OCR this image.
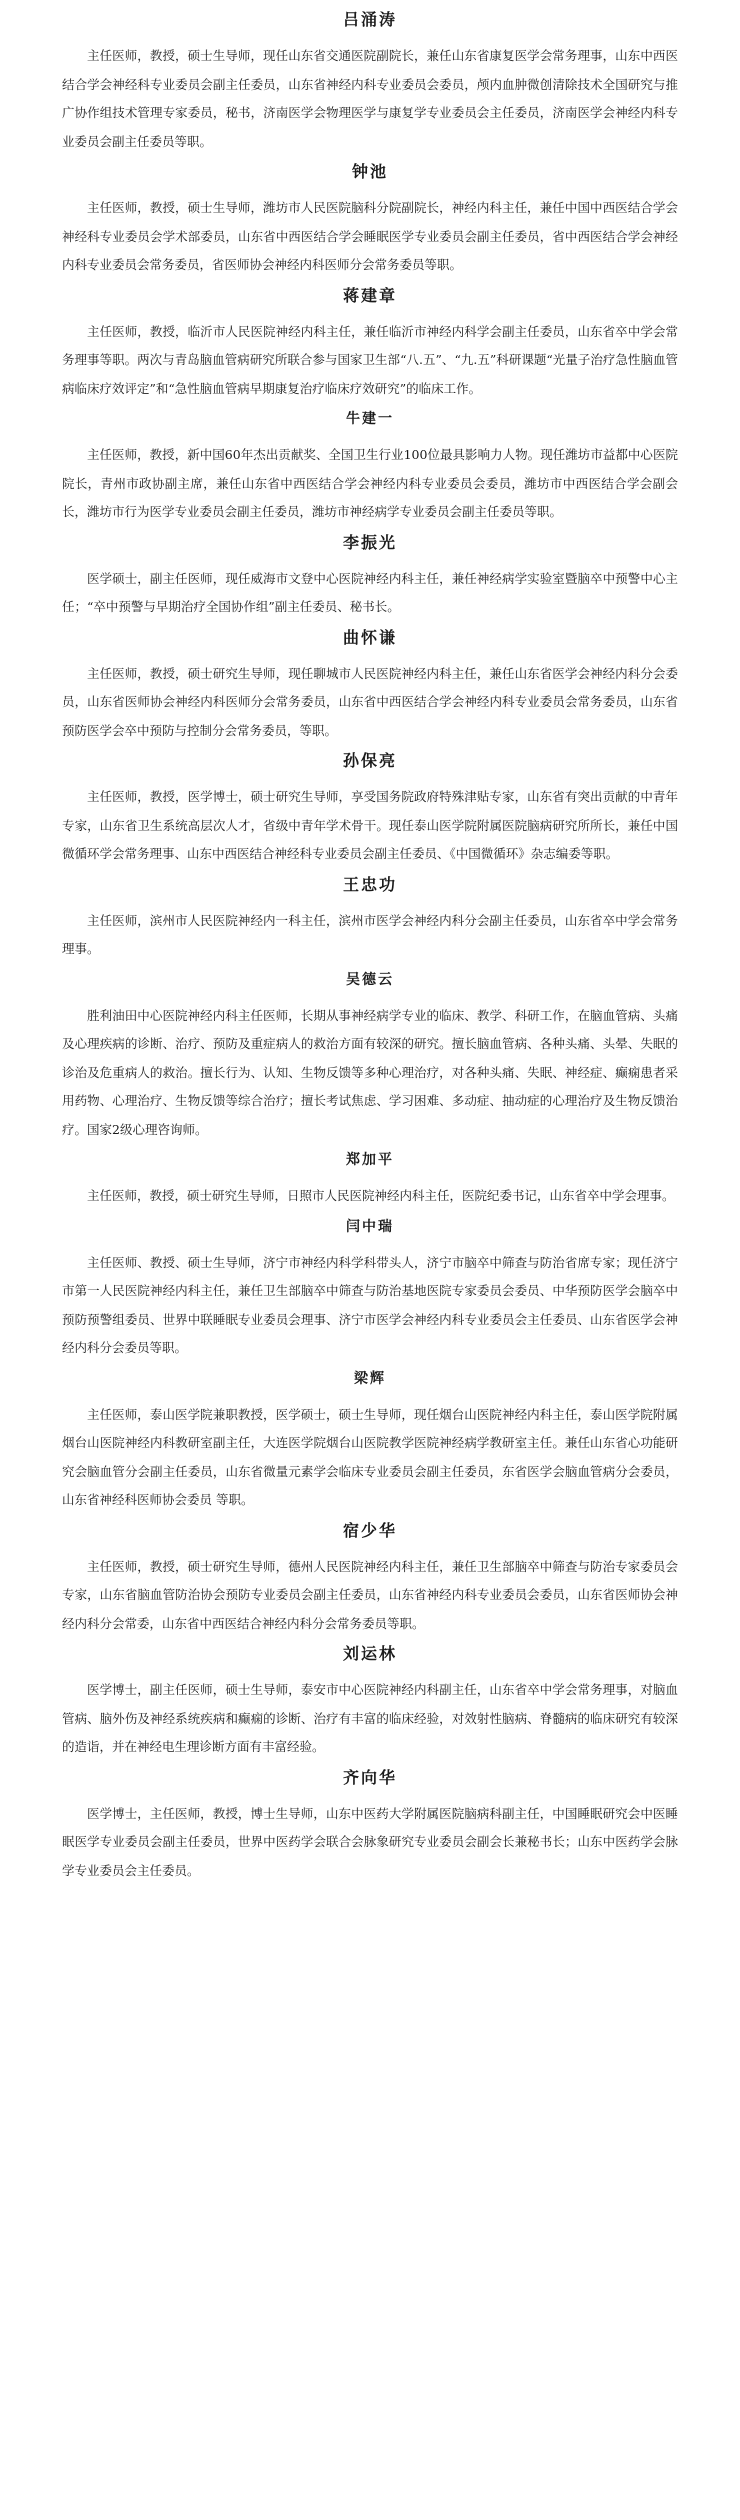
吕涌涛

主任医师，教授，硕士生导师，现任山东省交通医院副院长，兼任山东省康复医学会常务理事，山东中西医结合学会神经科专业委员会副主任委员，山东省神经内科专业委员会委员，颅内血肿微创清除技术全国研究与推广协作组技术管理专家委员，秘书，济南医学会物理医学与康复学专业委员会主任委员，济南医学会神经内科专业委员会副主任委员等职。

钟池

主任医师，教授，硕士生导师，潍坊市人民医院脑科分院副院长，神经内科主任，兼任中国中西医结合学会神经科专业委员会学术部委员，山东省中西医结合学会睡眠医学专业委员会副主任委员，省中西医结合学会神经内科专业委员会常务委员，省医师协会神经内科医师分会常务委员等职。

蒋建章

主任医师，教授，临沂市人民医院神经内科主任，兼任临沂市神经内科学会副主任委员，山东省卒中学会常务理事等职。两次与青岛脑血管病研究所联合参与国家卫生部“八.五”、“九.五”科研课题“光量子治疗急性脑血管病临床疗效评定”和“急性脑血管病早期康复治疗临床疗效研究”的临床工作。

牛建一

主任医师，教授，新中国60年杰出贡献奖、全国卫生行业100位最具影响力人物。现任潍坊市益都中心医院院长，青州市政协副主席，兼任山东省中西医结合学会神经内科专业委员会委员，潍坊市中西医结合学会副会长，潍坊市行为医学专业委员会副主任委员，潍坊市神经病学专业委员会副主任委员等职。

李振光

医学硕士，副主任医师，现任威海市文登中心医院神经内科主任，兼任神经病学实验室暨脑卒中预警中心主任；“卒中预警与早期治疗全国协作组”副主任委员、秘书长。

曲怀谦

主任医师，教授，硕士研究生导师，现任聊城市人民医院神经内科主任，兼任山东省医学会神经内科分会委员，山东省医师协会神经内科医师分会常务委员，山东省中西医结合学会神经内科专业委员会常务委员，山东省预防医学会卒中预防与控制分会常务委员，等职。

孙保亮

主任医师，教授，医学博士，硕士研究生导师，享受国务院政府特殊津贴专家，山东省有突出贡献的中青年专家，山东省卫生系统高层次人才，省级中青年学术骨干。现任泰山医学院附属医院脑病研究所所长，兼任中国微循环学会常务理事、山东中西医结合神经科专业委员会副主任委员、《中国微循环》杂志编委等职。

王忠功

主任医师，滨州市人民医院神经内一科主任，滨州市医学会神经内科分会副主任委员，山东省卒中学会常务理事。

吴德云

胜利油田中心医院神经内科主任医师，长期从事神经病学专业的临床、教学、科研工作，在脑血管病、头痛及心理疾病的诊断、治疗、预防及重症病人的救治方面有较深的研究。擅长脑血管病、各种头痛、头晕、失眠的诊治及危重病人的救治。擅长行为、认知、生物反馈等多种心理治疗，对各种头痛、失眠、神经症、癫痫患者采用药物、心理治疗、生物反馈等综合治疗；擅长考试焦虑、学习困难、多动症、抽动症的心理治疗及生物反馈治疗。国家2级心理咨询师。

郑加平

主任医师，教授，硕士研究生导师，日照市人民医院神经内科主任，医院纪委书记，山东省卒中学会理事。

闫中瑞

主任医师、教授、硕士生导师，济宁市神经内科学科带头人，济宁市脑卒中筛查与防治省席专家；现任济宁市第一人民医院神经内科主任，兼任卫生部脑卒中筛查与防治基地医院专家委员会委员、中华预防医学会脑卒中预防预警组委员、世界中联睡眠专业委员会理事、济宁市医学会神经内科专业委员会主任委员、山东省医学会神经内科分会委员等职。

梁辉

主任医师，泰山医学院兼职教授，医学硕士，硕士生导师，现任烟台山医院神经内科主任，泰山医学院附属烟台山医院神经内科教研室副主任，大连医学院烟台山医院教学医院神经病学教研室主任。兼任山东省心功能研究会脑血管分会副主任委员，山东省微量元素学会临床专业委员会副主任委员，东省医学会脑血管病分会委员，山东省神经科医师协会委员 等职。

宿少华

主任医师，教授，硕士研究生导师，德州人民医院神经内科主任，兼任卫生部脑卒中筛查与防治专家委员会专家，山东省脑血管防治协会预防专业委员会副主任委员，山东省神经内科专业委员会委员，山东省医师协会神经内科分会常委，山东省中西医结合神经内科分会常务委员等职。

刘运林

医学博士，副主任医师，硕士生导师，泰安市中心医院神经内科副主任，山东省卒中学会常务理事，对脑血管病、脑外伤及神经系统疾病和癫痫的诊断、治疗有丰富的临床经验，对效射性脑病、脊髓病的临床研究有较深的造诣，并在神经电生理诊断方面有丰富经验。

齐向华

医学博士，主任医师，教授，博士生导师，山东中医药大学附属医院脑病科副主任，中国睡眠研究会中医睡眠医学专业委员会副主任委员，世界中医药学会联合会脉象研究专业委员会副会长兼秘书长；山东中医药学会脉学专业委员会主任委员。
